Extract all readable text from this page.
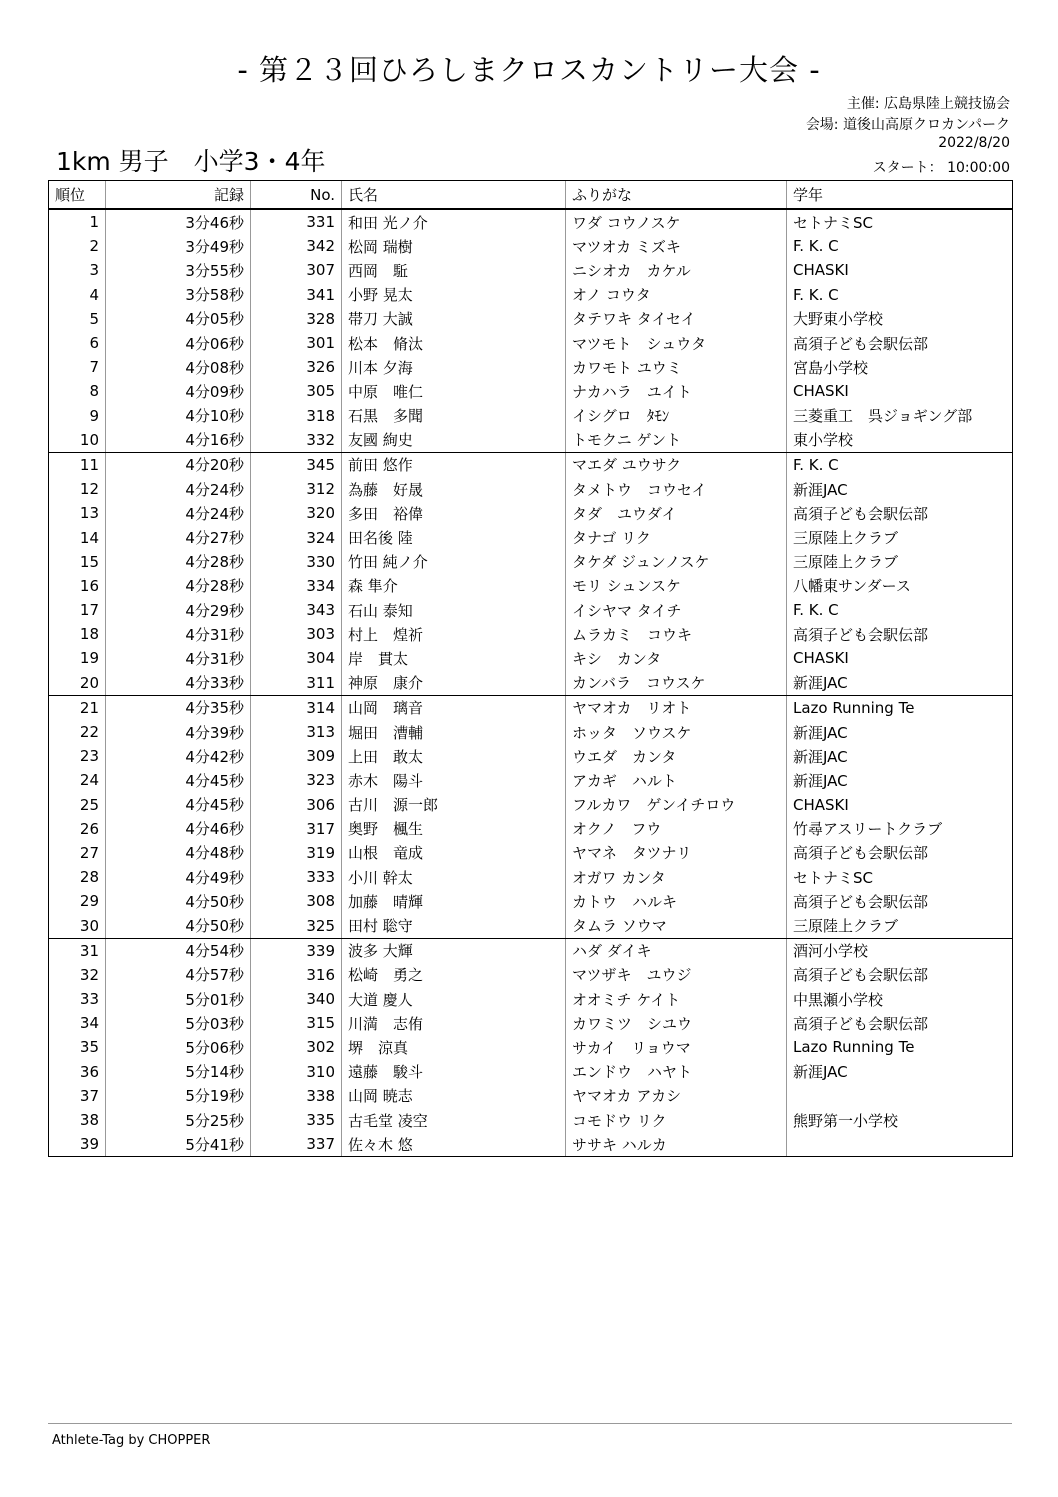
- 第２３回ひろしまクロスカントリー大会 -
主催: 広島県陸上競技協会
会場: 道後山高原クロカンパーク
2022/8/20
スタート： 10:00:00
1km 男子　小学3・4年
順位	記録	No.	氏名	ふりがな	学年
1	3分46秒	331	和田 光ノ介	ワダ コウノスケ	セトナミSC
2	3分49秒	342	松岡 瑞樹	マツオカ ミズキ	F. K. C
3	3分55秒	307	西岡　駈	ニシオカ　カケル	CHASKI
4	3分58秒	341	小野 晃太	オノ コウタ	F. K. C
5	4分05秒	328	帯刀 大誠	タテワキ タイセイ	大野東小学校
6	4分06秒	301	松本　脩汰	マツモト　シュウタ	高須子ども会駅伝部
7	4分08秒	326	川本 夕海	カワモト ユウミ	宮島小学校
8	4分09秒	305	中原　唯仁	ナカハラ　ユイト	CHASKI
9	4分10秒	318	石黒　多聞	イシグロ　ﾀﾓﾝ	三菱重工　呉ジョギング部
10	4分16秒	332	友國 絢史	トモクニ ゲント	東小学校
11	4分20秒	345	前田 悠作	マエダ ユウサク	F. K. C
12	4分24秒	312	為藤　好晟	タメトウ　コウセイ	新涯JAC
13	4分24秒	320	多田　裕偉	タダ　ユウダイ	高須子ども会駅伝部
14	4分27秒	324	田名後 陸	タナゴ リク	三原陸上クラブ
15	4分28秒	330	竹田 純ノ介	タケダ ジュンノスケ	三原陸上クラブ
16	4分28秒	334	森 隼介	モリ シュンスケ	八幡東サンダース
17	4分29秒	343	石山 泰知	イシヤマ タイチ	F. K. C
18	4分31秒	303	村上　煌祈	ムラカミ　コウキ	高須子ども会駅伝部
19	4分31秒	304	岸　貫太	キシ　カンタ	CHASKI
20	4分33秒	311	神原　康介	カンバラ　コウスケ	新涯JAC
21	4分35秒	314	山岡　璃音	ヤマオカ　リオト	Lazo Running Te
22	4分39秒	313	堀田　漕輔	ホッタ　ソウスケ	新涯JAC
23	4分42秒	309	上田　敢太	ウエダ　カンタ	新涯JAC
24	4分45秒	323	赤木　陽斗	アカギ　ハルト	新涯JAC
25	4分45秒	306	古川　源一郎	フルカワ　ゲンイチロウ	CHASKI
26	4分46秒	317	奥野　楓生	オクノ　フウ	竹尋アスリートクラブ
27	4分48秒	319	山根　竜成	ヤマネ　タツナリ	高須子ども会駅伝部
28	4分49秒	333	小川 幹太	オガワ カンタ	セトナミSC
29	4分50秒	308	加藤　晴輝	カトウ　ハルキ	高須子ども会駅伝部
30	4分50秒	325	田村 聡守	タムラ ソウマ	三原陸上クラブ
31	4分54秒	339	波多 大輝	ハダ ダイキ	酒河小学校
32	4分57秒	316	松崎　勇之	マツザキ　ユウジ	高須子ども会駅伝部
33	5分01秒	340	大道 慶人	オオミチ ケイト	中黒瀬小学校
34	5分03秒	315	川満　志侑	カワミツ　シユウ	高須子ども会駅伝部
35	5分06秒	302	堺　涼真	サカイ　リョウマ	Lazo Running Te
36	5分14秒	310	遠藤　駿斗	エンドウ　ハヤト	新涯JAC
37	5分19秒	338	山岡 暁志	ヤマオカ アカシ	
38	5分25秒	335	古毛堂 凌空	コモドウ リク	熊野第一小学校
39	5分41秒	337	佐々木 悠	ササキ ハルカ	
Athlete-Tag by CHOPPER
